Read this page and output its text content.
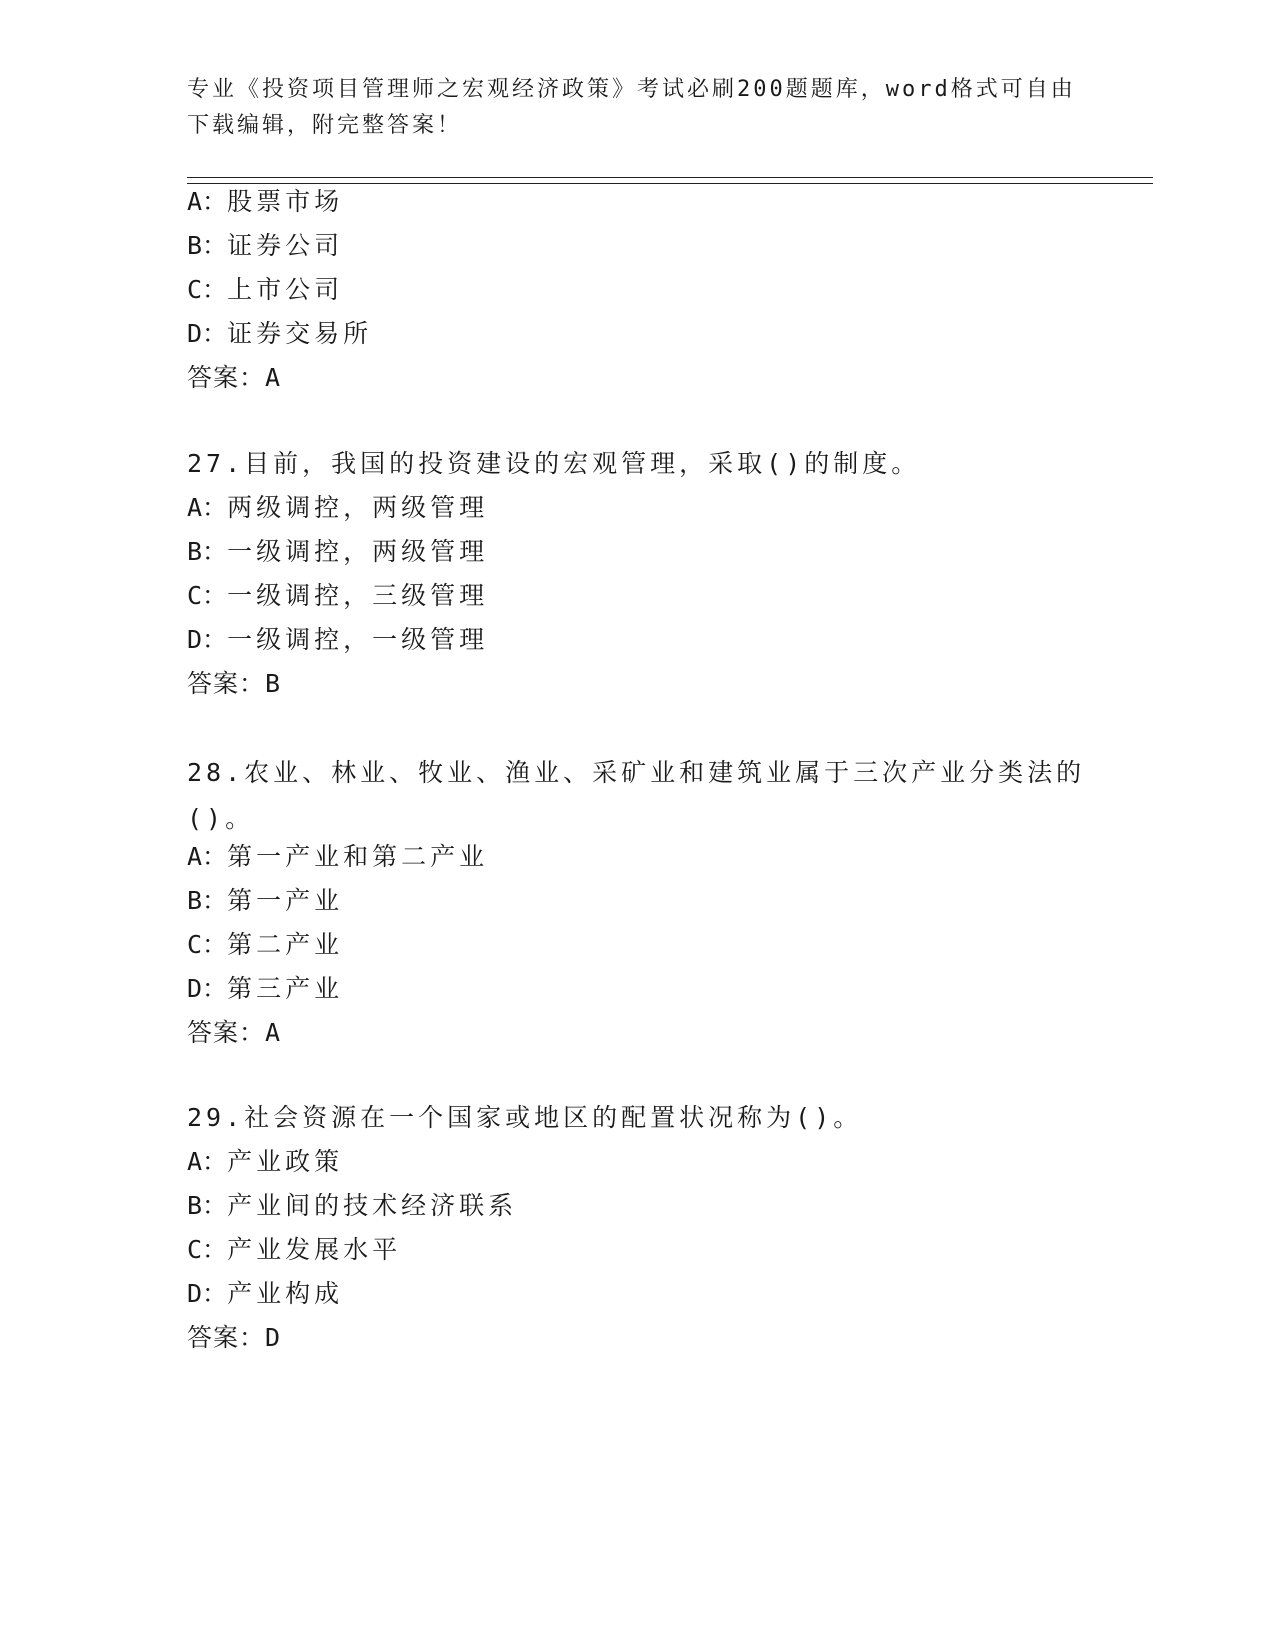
专业《投资项目管理师之宏观经济政策》考试必刷200题题库，word格式可自由下载编辑，附完整答案！
A：股票市场
B：证券公司
C：上市公司
D：证券交易所
答案：A
27.目前，我国的投资建设的宏观管理，采取()的制度。
A：两级调控，两级管理
B：一级调控，两级管理
C：一级调控，三级管理
D：一级调控，一级管理
答案：B
28.农业、林业、牧业、渔业、采矿业和建筑业属于三次产业分类法的()。
A：第一产业和第二产业
B：第一产业
C：第二产业
D：第三产业
答案：A
29.社会资源在一个国家或地区的配置状况称为()。
A：产业政策
B：产业间的技术经济联系
C：产业发展水平
D：产业构成
答案：D
